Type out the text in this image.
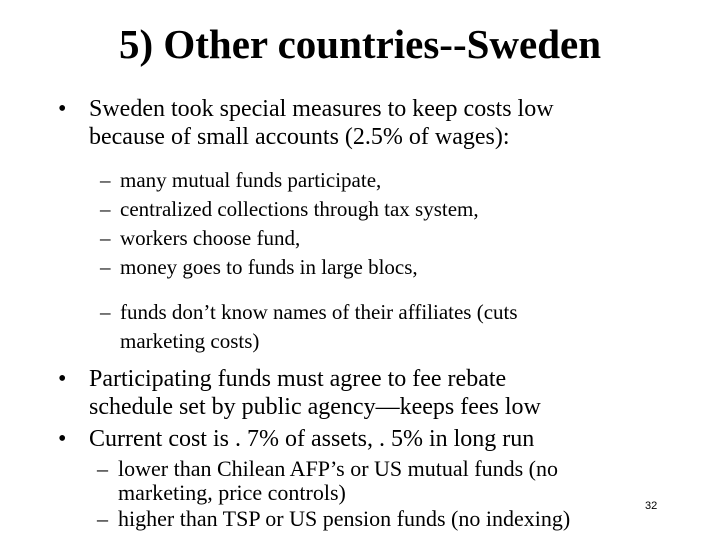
5) Other countries--Sweden
• Sweden took special measures to keep costs low
because of small accounts (2.5% of wages):
– many mutual funds participate,
– centralized collections through tax system,
– workers choose fund,
– money goes to funds in large blocs,
– funds don’t know names of their affiliates (cuts
marketing costs)
• Participating funds must agree to fee rebate
schedule set by public agency—keeps fees low
• Current cost is . 7% of assets, . 5% in long run
– lower than Chilean AFP’s or US mutual funds (no
marketing, price controls)
– higher than TSP or US pension funds (no indexing)	32
